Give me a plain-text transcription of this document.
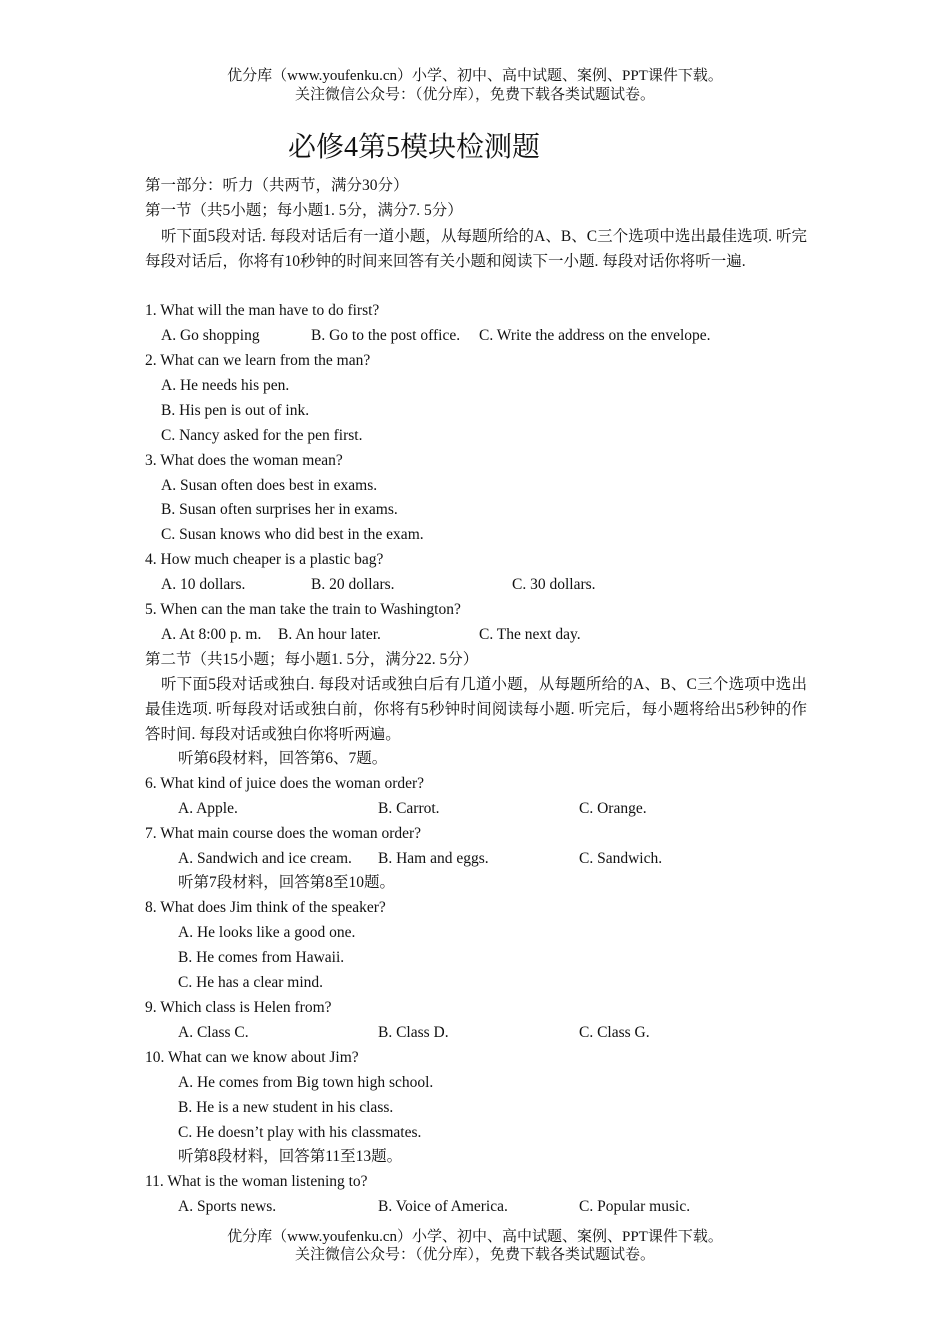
优分库（www.youfenku.cn）小学、初中、高中试题、案例、PPT课件下载。
关注微信公众号：（优分库），免费下载各类试题试卷。
必修4第5模块检测题
第一部分：听力（共两节，满分30分）
第一节（共5小题；每小题1. 5分，满分7. 5分）
听下面5段对话. 每段对话后有一道小题，从每题所给的A、B、C三个选项中选出最佳选项. 听完每段对话后，你将有10秒钟的时间来回答有关小题和阅读下一小题. 每段对话你将听一遍.
1. What will the man have to do first?
A. Go shopping	B. Go to the post office. C. Write the address on the envelope.
2. What can we learn from the man?
A. He needs his pen.
B. His pen is out of ink.
C. Nancy asked for the pen first.
3. What does the woman mean?
A. Susan often does best in exams.
B. Susan often surprises her in exams.
C. Susan knows who did best in the exam.
4. How much cheaper is a plastic bag?
A. 10 dollars.	B. 20 dollars.	C. 30 dollars.
5. When can the man take the train to Washington?
A. At 8:00 p. m. B. An hour later.	C. The next day.
第二节（共15小题；每小题1. 5分，满分22. 5分）
听下面5段对话或独白. 每段对话或独白后有几道小题，从每题所给的A、B、C三个选项中选出最佳选项. 听每段对话或独白前，你将有5秒钟时间阅读每小题. 听完后，每小题将给出5秒钟的作答时间. 每段对话或独白你将听两遍。
听第6段材料，回答第6、7题。
6. What kind of juice does the woman order?
A. Apple.	B. Carrot.	C. Orange.
7. What main course does the woman order?
A. Sandwich and ice cream. B. Ham and eggs.	C. Sandwich.
听第7段材料，回答第8至10题。
8. What does Jim think of the speaker?
A. He looks like a good one.
B. He comes from Hawaii.
C. He has a clear mind.
9. Which class is Helen from?
A. Class C.	B. Class D.	C. Class G.
10. What can we know about Jim?
A. He comes from Big town high school.
B. He is a new student in his class.
C. He doesn’t play with his classmates.
听第8段材料，回答第11至13题。
11. What is the woman listening to?
A. Sports news.	B. Voice of America.	C. Popular music.
优分库（www.youfenku.cn）小学、初中、高中试题、案例、PPT课件下载。
关注微信公众号：（优分库），免费下载各类试题试卷。
